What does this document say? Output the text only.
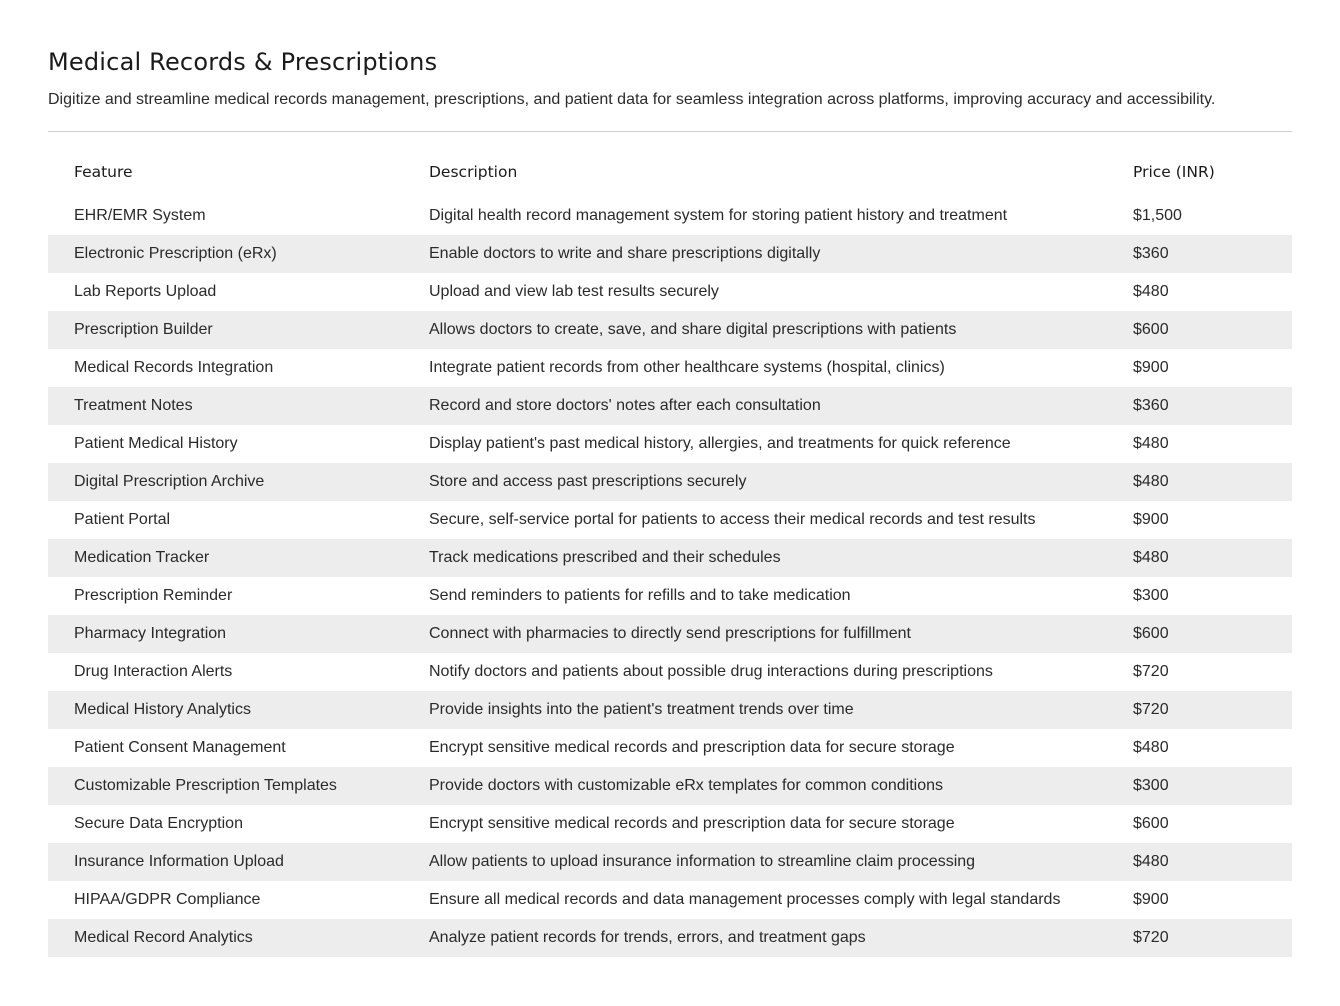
Medical Records & Prescriptions

Digitize and streamline medical records management, prescriptions, and patient data for seamless integration across platforms, improving accuracy and accessibility.

Feature	Description	Price (INR)

EHR/EMR System	Digital health record management system for storing patient history and treatment	$1,500
Electronic Prescription (eRx)	Enable doctors to write and share prescriptions digitally	$360
Lab Reports Upload	Upload and view lab test results securely	$480
Prescription Builder	Allows doctors to create, save, and share digital prescriptions with patients	$600
Medical Records Integration	Integrate patient records from other healthcare systems (hospital, clinics)	$900
Treatment Notes	Record and store doctors' notes after each consultation	$360
Patient Medical History	Display patient's past medical history, allergies, and treatments for quick reference	$480
Digital Prescription Archive	Store and access past prescriptions securely	$480
Patient Portal	Secure, self-service portal for patients to access their medical records and test results	$900
Medication Tracker	Track medications prescribed and their schedules	$480
Prescription Reminder	Send reminders to patients for refills and to take medication	$300
Pharmacy Integration	Connect with pharmacies to directly send prescriptions for fulfillment	$600
Drug Interaction Alerts	Notify doctors and patients about possible drug interactions during prescriptions	$720
Medical History Analytics	Provide insights into the patient's treatment trends over time	$720
Patient Consent Management	Encrypt sensitive medical records and prescription data for secure storage	$480
Customizable Prescription Templates	Provide doctors with customizable eRx templates for common conditions	$300
Secure Data Encryption	Encrypt sensitive medical records and prescription data for secure storage	$600
Insurance Information Upload	Allow patients to upload insurance information to streamline claim processing	$480
HIPAA/GDPR Compliance	Ensure all medical records and data management processes comply with legal standards	$900
Medical Record Analytics	Analyze patient records for trends, errors, and treatment gaps	$720
